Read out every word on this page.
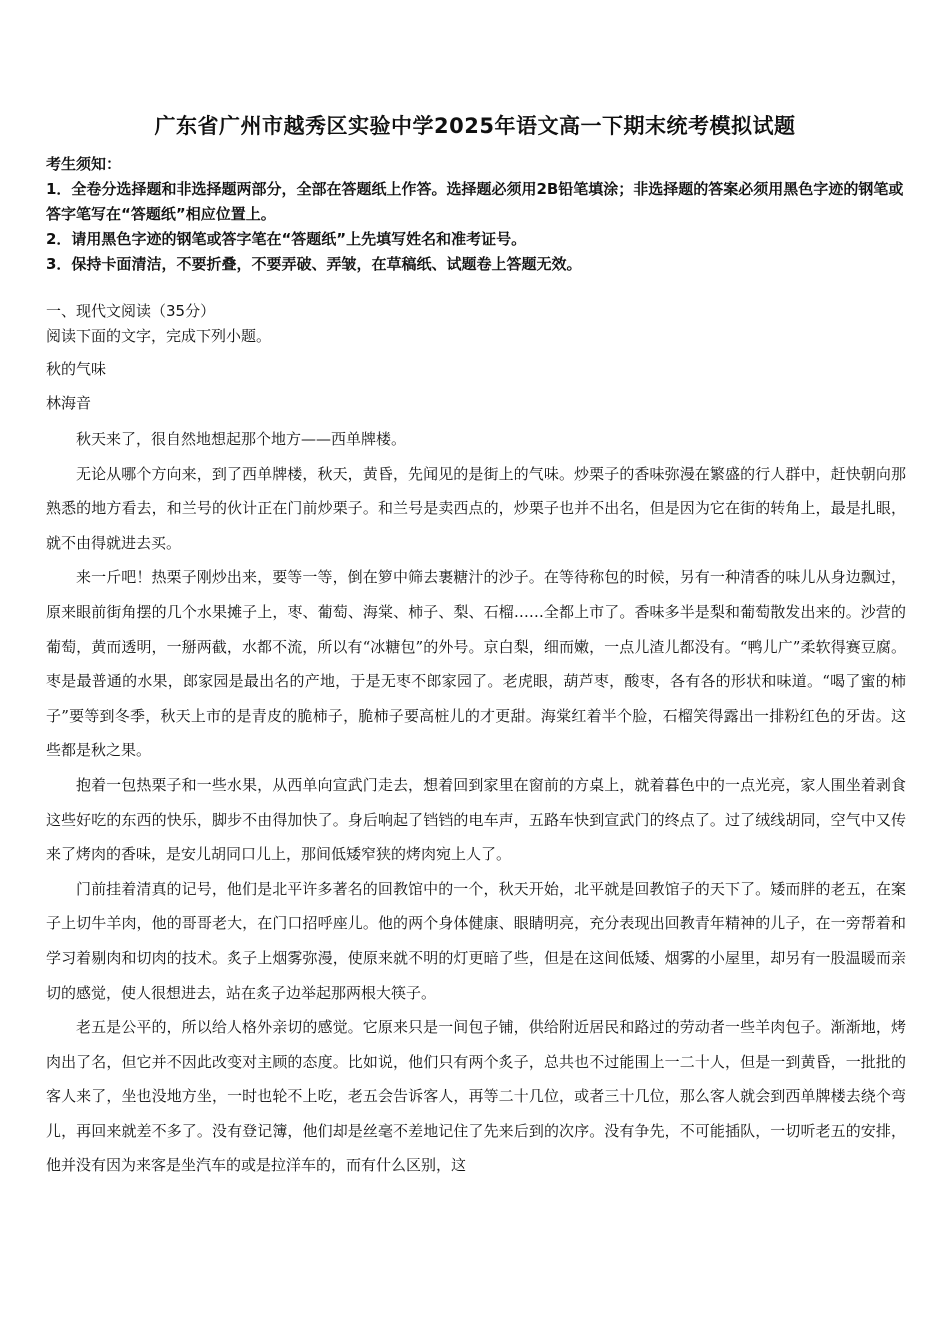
广东省广州市越秀区实验中学2025年语文高一下期末统考模拟试题

考生须知：

1．全卷分选择题和非选择题两部分，全部在答题纸上作答。选择题必须用2B铅笔填涂；非选择题的答案必须用黑色字迹的钢笔或答字笔写在“答题纸”相应位置上。

2．请用黑色字迹的钢笔或答字笔在“答题纸”上先填写姓名和准考证号。

3．保持卡面清洁，不要折叠，不要弄破、弄皱，在草稿纸、试题卷上答题无效。

一、现代文阅读（35分）
阅读下面的文字，完成下列小题。
秋的气味
林海音

秋天来了，很自然地想起那个地方——西单牌楼。

无论从哪个方向来，到了西单牌楼，秋天，黄昏，先闻见的是街上的气味。炒栗子的香味弥漫在繁盛的行人群中，赶快朝向那熟悉的地方看去，和兰号的伙计正在门前炒栗子。和兰号是卖西点的，炒栗子也并不出名，但是因为它在街的转角上，最是扎眼，就不由得就进去买。

来一斤吧！热栗子刚炒出来，要等一等，倒在箩中筛去裹糖汁的沙子。在等待称包的时候，另有一种清香的味儿从身边飘过，原来眼前街角摆的几个水果摊子上，枣、葡萄、海棠、柿子、梨、石榴……全都上市了。香味多半是梨和葡萄散发出来的。沙营的葡萄，黄而透明，一掰两截，水都不流，所以有“冰糖包”的外号。京白梨，细而嫩，一点儿渣儿都没有。“鸭儿广”柔软得赛豆腐。枣是最普通的水果，郎家园是最出名的产地，于是无枣不郎家园了。老虎眼，葫芦枣，酸枣，各有各的形状和味道。“喝了蜜的柿子”要等到冬季，秋天上市的是青皮的脆柿子，脆柿子要高桩儿的才更甜。海棠红着半个脸，石榴笑得露出一排粉红色的牙齿。这些都是秋之果。

抱着一包热栗子和一些水果，从西单向宣武门走去，想着回到家里在窗前的方桌上，就着暮色中的一点光亮，家人围坐着剥食这些好吃的东西的快乐，脚步不由得加快了。身后响起了铛铛的电车声，五路车快到宣武门的终点了。过了绒线胡同，空气中又传来了烤肉的香味，是安儿胡同口儿上，那间低矮窄狭的烤肉宛上人了。

门前挂着清真的记号，他们是北平许多著名的回教馆中的一个，秋天开始，北平就是回教馆子的天下了。矮而胖的老五，在案子上切牛羊肉，他的哥哥老大，在门口招呼座儿。他的两个身体健康、眼睛明亮，充分表现出回教青年精神的儿子，在一旁帮着和学习着剔肉和切肉的技术。炙子上烟雾弥漫，使原来就不明的灯更暗了些，但是在这间低矮、烟雾的小屋里，却另有一股温暖而亲切的感觉，使人很想进去，站在炙子边举起那两根大筷子。

老五是公平的，所以给人格外亲切的感觉。它原来只是一间包子铺，供给附近居民和路过的劳动者一些羊肉包子。渐渐地，烤肉出了名，但它并不因此改变对主顾的态度。比如说，他们只有两个炙子，总共也不过能围上一二十人，但是一到黄昏，一批批的客人来了，坐也没地方坐，一时也轮不上吃，老五会告诉客人，再等二十几位，或者三十几位，那么客人就会到西单牌楼去绕个弯儿，再回来就差不多了。没有登记簿，他们却是丝毫不差地记住了先来后到的次序。没有争先，不可能插队，一切听老五的安排，他并没有因为来客是坐汽车的或是拉洋车的，而有什么区别，这
